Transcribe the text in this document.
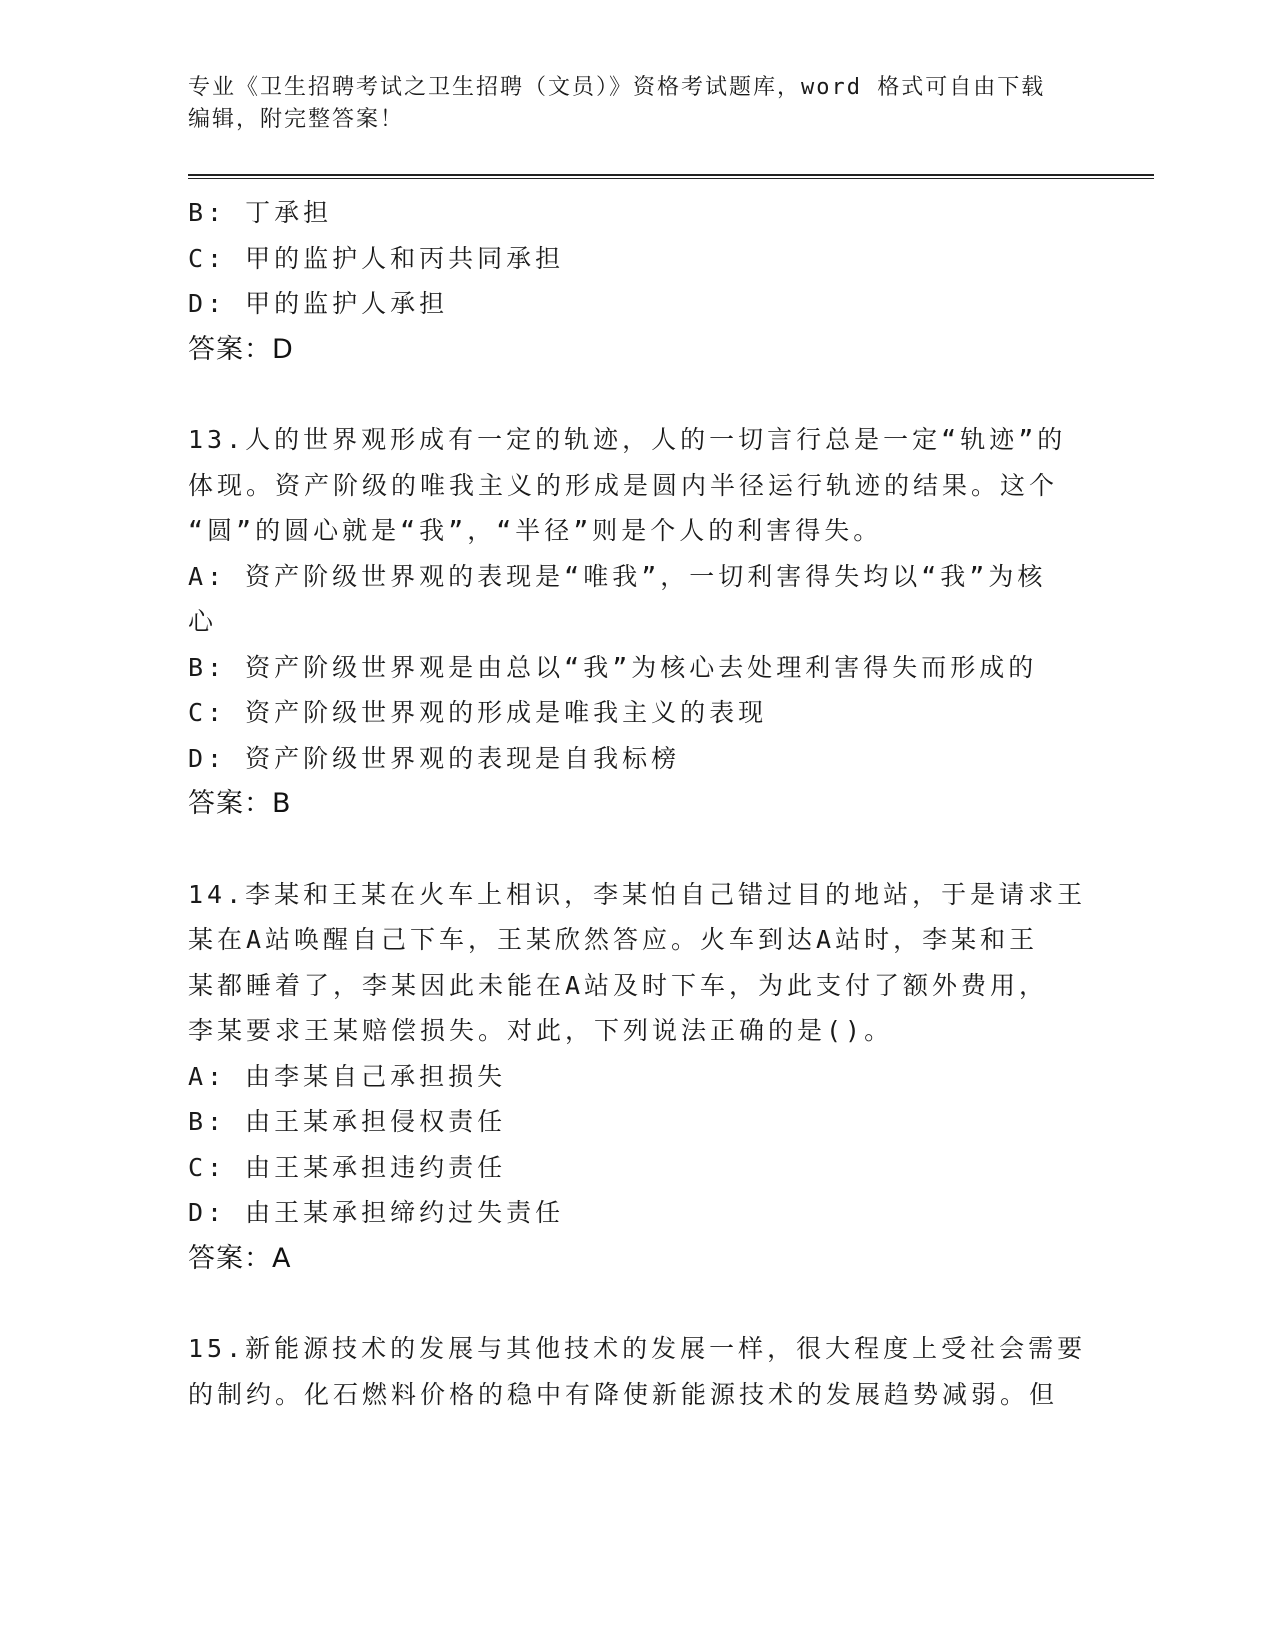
专业《卫生招聘考试之卫生招聘（文员）》资格考试题库，word 格式可自由下载
编辑，附完整答案！
B: 丁承担
C: 甲的监护人和丙共同承担
D: 甲的监护人承担
答案：D
13.人的世界观形成有一定的轨迹，人的一切言行总是一定“轨迹”的
体现。资产阶级的唯我主义的形成是圆内半径运行轨迹的结果。这个
“圆”的圆心就是“我”，“半径”则是个人的利害得失。
A: 资产阶级世界观的表现是“唯我”，一切利害得失均以“我”为核
心
B: 资产阶级世界观是由总以“我”为核心去处理利害得失而形成的
C: 资产阶级世界观的形成是唯我主义的表现
D: 资产阶级世界观的表现是自我标榜
答案：B
14.李某和王某在火车上相识，李某怕自己错过目的地站，于是请求王
某在A站唤醒自己下车，王某欣然答应。火车到达A站时，李某和王
某都睡着了，李某因此未能在A站及时下车，为此支付了额外费用，
李某要求王某赔偿损失。对此，下列说法正确的是()。
A: 由李某自己承担损失
B: 由王某承担侵权责任
C: 由王某承担违约责任
D: 由王某承担缔约过失责任
答案：A
15.新能源技术的发展与其他技术的发展一样，很大程度上受社会需要
的制约。化石燃料价格的稳中有降使新能源技术的发展趋势减弱。但
